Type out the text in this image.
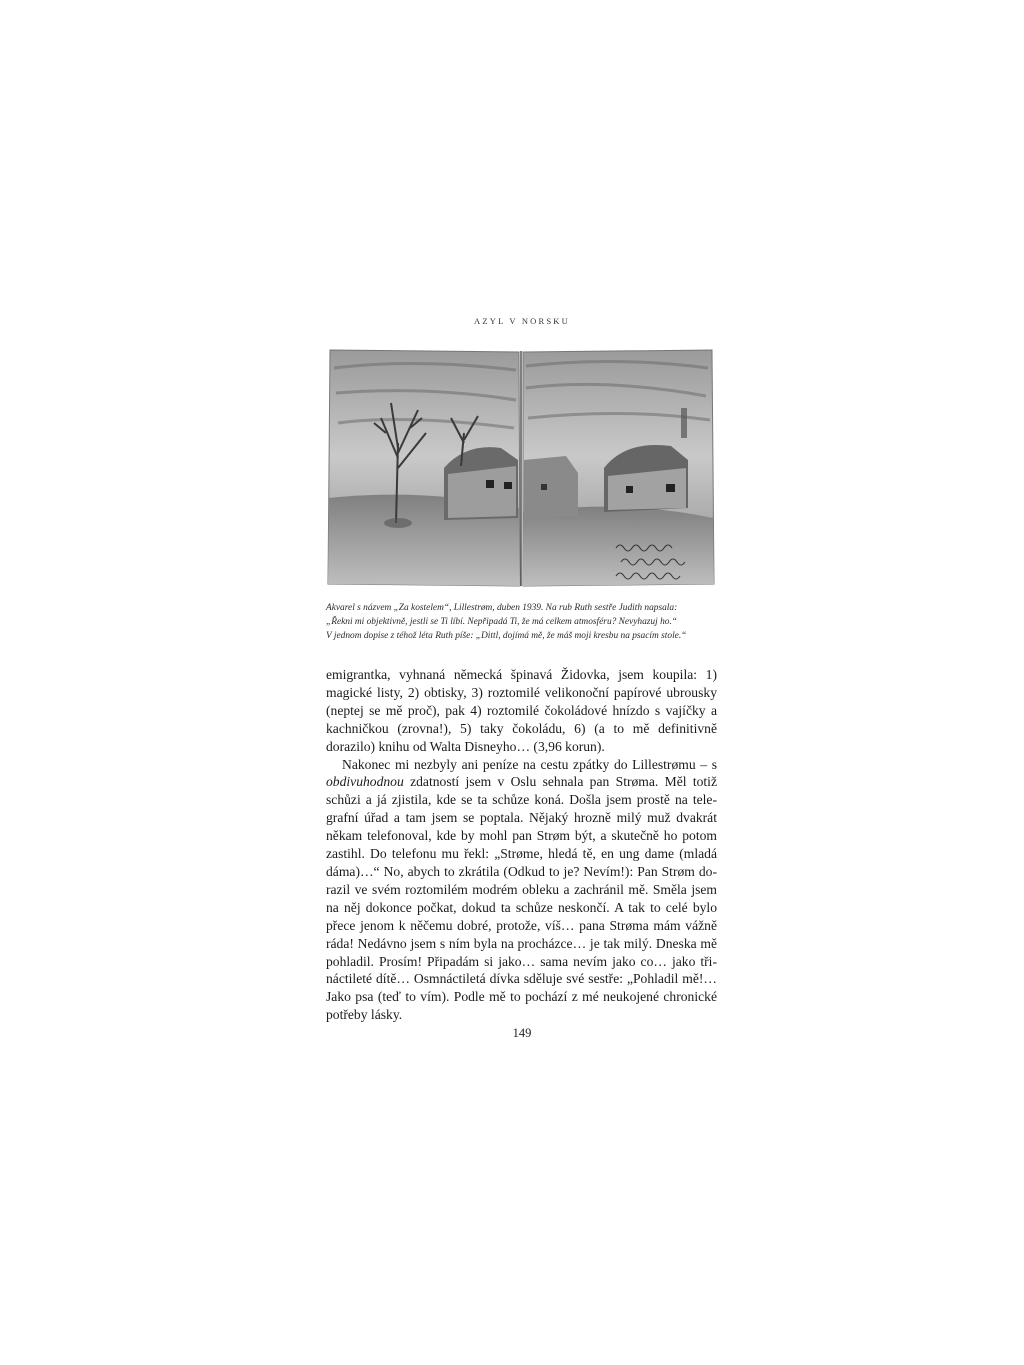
AZYL V NORSKU

Akvarel s názvem „Za kostelem“, Lillestrøm, duben 1939. Na rub Ruth sestře Judith napsala:

„Řekni mi objektivně, jestli se Ti líbí. Nepřipadá Ti, že má celkem atmosféru? Nevyhazuj ho.“

V jednom dopise z téhož léta Ruth píše: „Dittl, dojímá mě, že máš moji kresbu na psacím stole.“

emigrantka, vyhnaná německá špinavá Židovka, jsem koupila: 1) magické listy, 2) obtisky, 3) roztomilé velikonoční papírové ubrousky (neptej se mě proč), pak 4) roztomilé čokoládové hnízdo s vajíčky a kachničkou (zrovna!), 5) taky čokoládu, 6) (a to mě definitivně dorazilo) knihu od Walta Disneyho… (3,96 korun).

Nakonec mi nezbyly ani peníze na cestu zpátky do Lillestrømu – s obdivuhodnou zdatností jsem v Oslu sehnala pan Strøma. Měl totiž schůzi a já zjistila, kde se ta schůze koná. Došla jsem prostě na telegrafní úřad a tam jsem se poptala. Nějaký hrozně milý muž dvakrát někam telefonoval, kde by mohl pan Strøm být, a skutečně ho potom zastihl. Do telefonu mu řekl: „Strøme, hledá tě, en ung dame (mladá dáma)…“ No, abych to zkrátila (Odkud to je? Nevím!): Pan Strøm dorazil ve svém roztomilém modrém obleku a zachránil mě. Směla jsem na něj dokonce počkat, dokud ta schůze neskončí. A tak to celé bylo přece jenom k něčemu dobré, protože, víš… pana Strøma mám vážně ráda! Nedávno jsem s ním byla na procházce… je tak milý. Dneska mě pohladil. Prosím! Připadám si jako… sama nevím jako co… jako třináctileté dítě… Osmnáctiletá dívka sděluje své sestře: „Pohladil mě!… Jako psa (teď to vím). Podle mě to pochází z mé neukojené chronické potřeby lásky.

149
